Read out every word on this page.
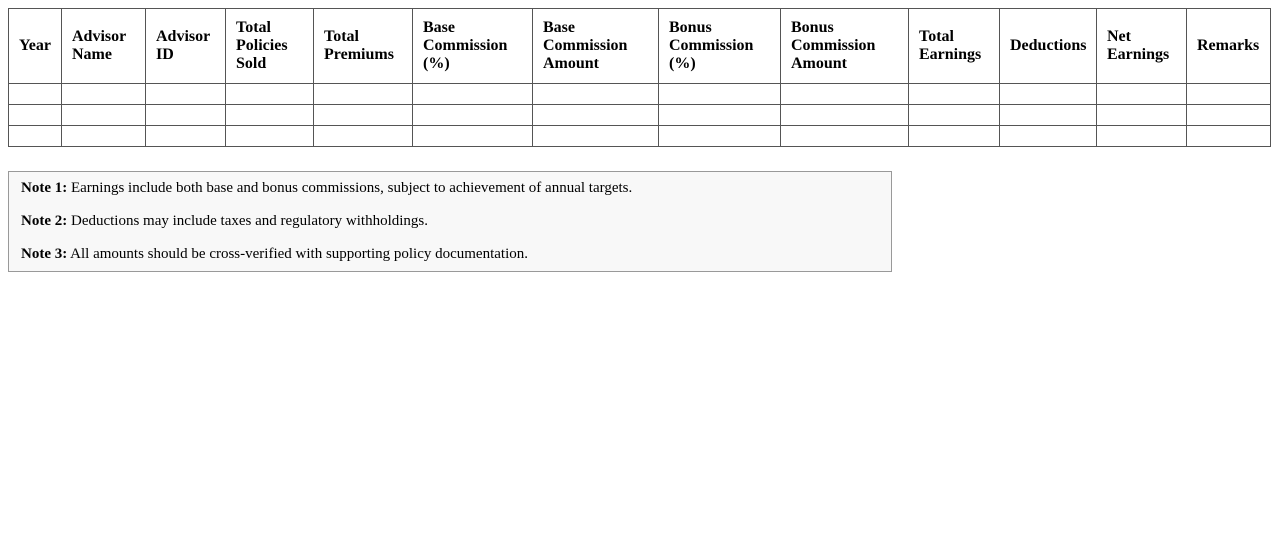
Year	Advisor Name	Advisor ID	Total Policies Sold	Total Premiums	Base Commission (%)	Base Commission Amount	Bonus Commission (%)	Bonus Commission Amount	Total Earnings	Deductions	Net Earnings	Remarks

Note 1: Earnings include both base and bonus commissions, subject to achievement of annual targets.

Note 2: Deductions may include taxes and regulatory withholdings.

Note 3: All amounts should be cross-verified with supporting policy documentation.
